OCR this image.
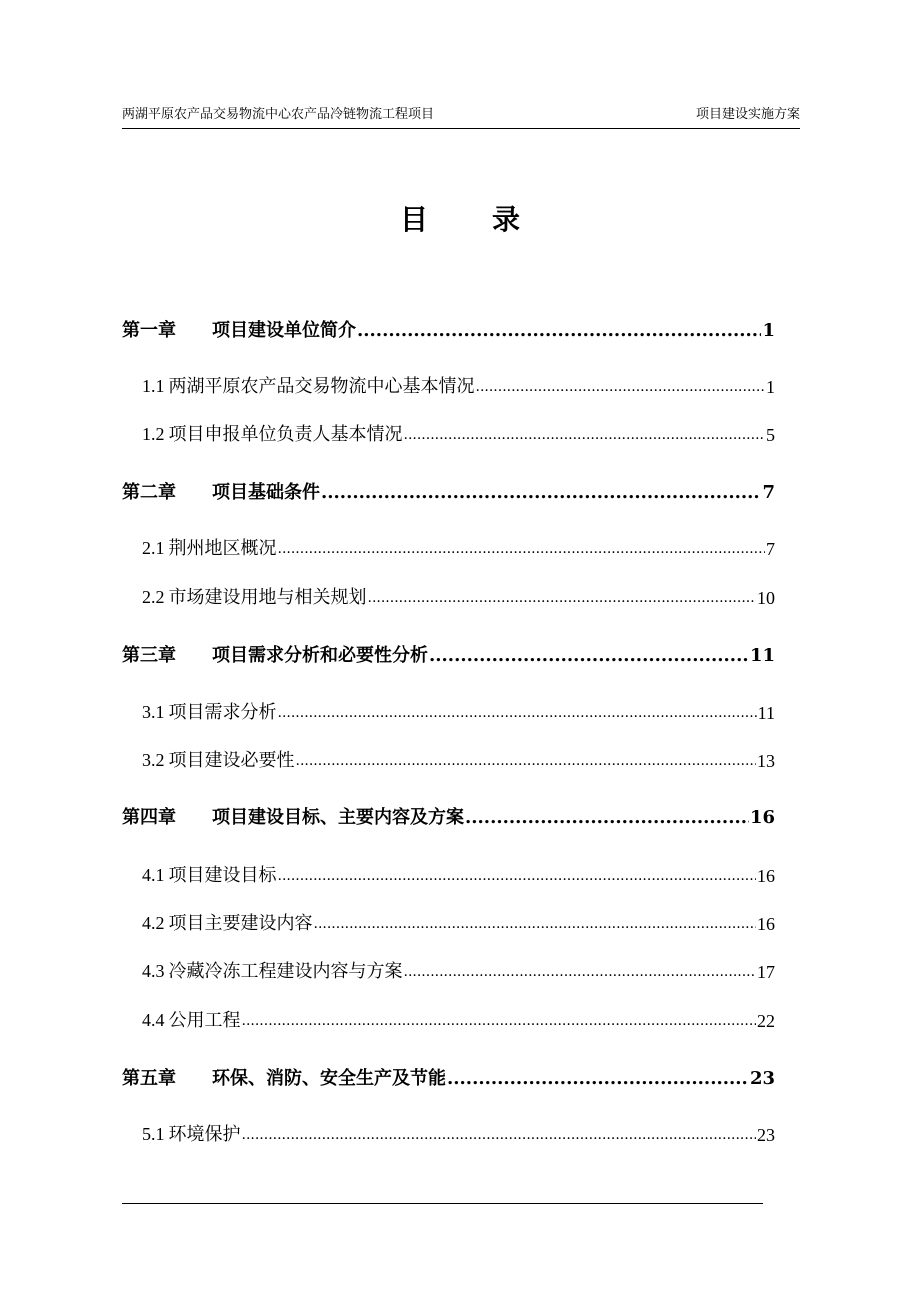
两湖平原农产品交易物流中心农产品冷链物流工程项目	项目建设实施方案
目录
第一章 项目建设单位简介 .....	1
1.1 两湖平原农产品交易物流中心基本情况 .....	1
1.2 项目申报单位负责人基本情况 .....	5
第二章 项目基础条件 .....	7
2.1 荆州地区概况 .....	7
2.2 市场建设用地与相关规划 .....	10
第三章 项目需求分析和必要性分析 .....	11
3.1 项目需求分析 .....	11
3.2 项目建设必要性 .....	13
第四章 项目建设目标、主要内容及方案 .....	16
4.1 项目建设目标 .....	16
4.2 项目主要建设内容 .....	16
4.3 冷藏冷冻工程建设内容与方案 .....	17
4.4 公用工程 .....	22
第五章 环保、消防、安全生产及节能 .....	23
5.1 环境保护 .....	23
